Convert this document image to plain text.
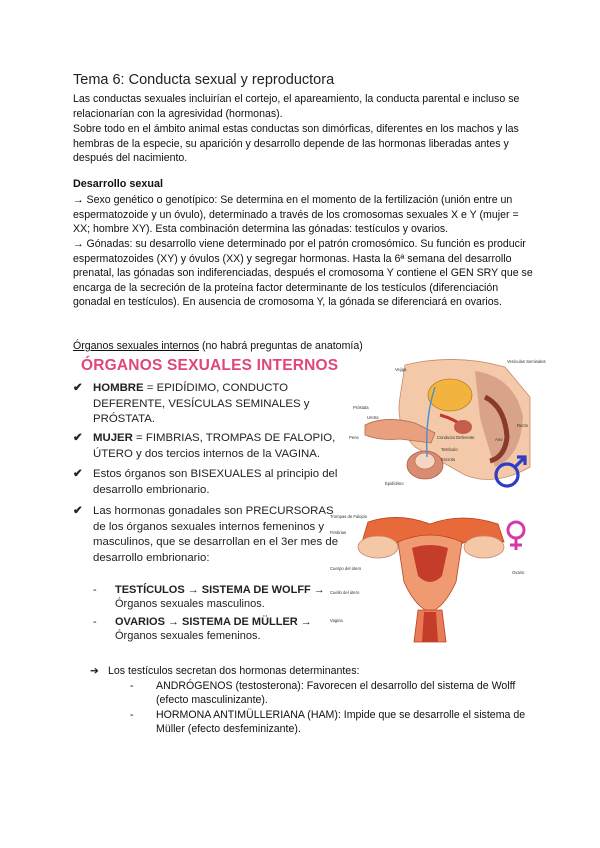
Tema 6: Conducta sexual y reproductora
Las conductas sexuales incluirían el cortejo, el apareamiento, la conducta parental e incluso se relacionarían con la agresividad (hormonas).
Sobre todo en el ámbito animal estas conductas son dimórficas, diferentes en los machos y las hembras de la especie, su aparición y desarrollo depende de las hormonas liberadas antes y después del nacimiento.
Desarrollo sexual
→ Sexo genético o genotípico: Se determina en el momento de la fertilización (unión entre un espermatozoide y un óvulo), determinado a través de los cromosomas sexuales X e Y (mujer = XX; hombre XY). Esta combinación determina las gónadas: testículos y ovarios.
→ Gónadas: su desarrollo viene determinado por el patrón cromosómico. Su función es producir espermatozoides (XY) y óvulos (XX) y segregar hormonas. Hasta la 6ª semana del desarrollo prenatal, las gónadas son indiferenciadas, después el cromosoma Y contiene el GEN SRY que se encarga de la secreción de la proteína factor determinante de los testículos (diferenciación gonadal en testículos). En ausencia de cromosoma Y, la gónada se diferenciará en ovarios.
Órganos sexuales internos (no habrá preguntas de anatomía)
ÓRGANOS SEXUALES INTERNOS
✔ HOMBRE = EPIDÍDIMO, CONDUCTO DEFERENTE, VESÍCULAS SEMINALES y PRÓSTATA.
✔ MUJER = FIMBRIAS, TROMPAS DE FALOPIO, ÚTERO y dos tercios internos de la VAGINA.
✔ Estos órganos son BISEXUALES al principio del desarrollo embrionario.
✔ Las hormonas gonadales son PRECURSORAS de los órganos sexuales internos femeninos y masculinos, que se desarrollan en el 3er mes de desarrollo embrionario:
-	TESTÍCULOS → SISTEMA DE WOLFF →
Órganos sexuales masculinos.
-	OVARIOS → SISTEMA DE MÜLLER →
Órganos sexuales femeninos.
Vejiga
Vesículas Seminales
Próstata
Uretra
Pene	Conducto Deferente
Testículo
Escroto
Ano
Recto
Epidídimo
Trompas de Falopio
Fimbrias
Cuerpo del útero
Cuello del útero
Vagina
Ovario
➔ Los testículos secretan dos hormonas determinantes:
- ANDRÓGENOS (testosterona): Favorecen el desarrollo del sistema de Wolff (efecto masculinizante).
- HORMONA ANTIMÜLLERIANA (HAM): Impide que se desarrolle el sistema de Müller (efecto desfeminizante).
